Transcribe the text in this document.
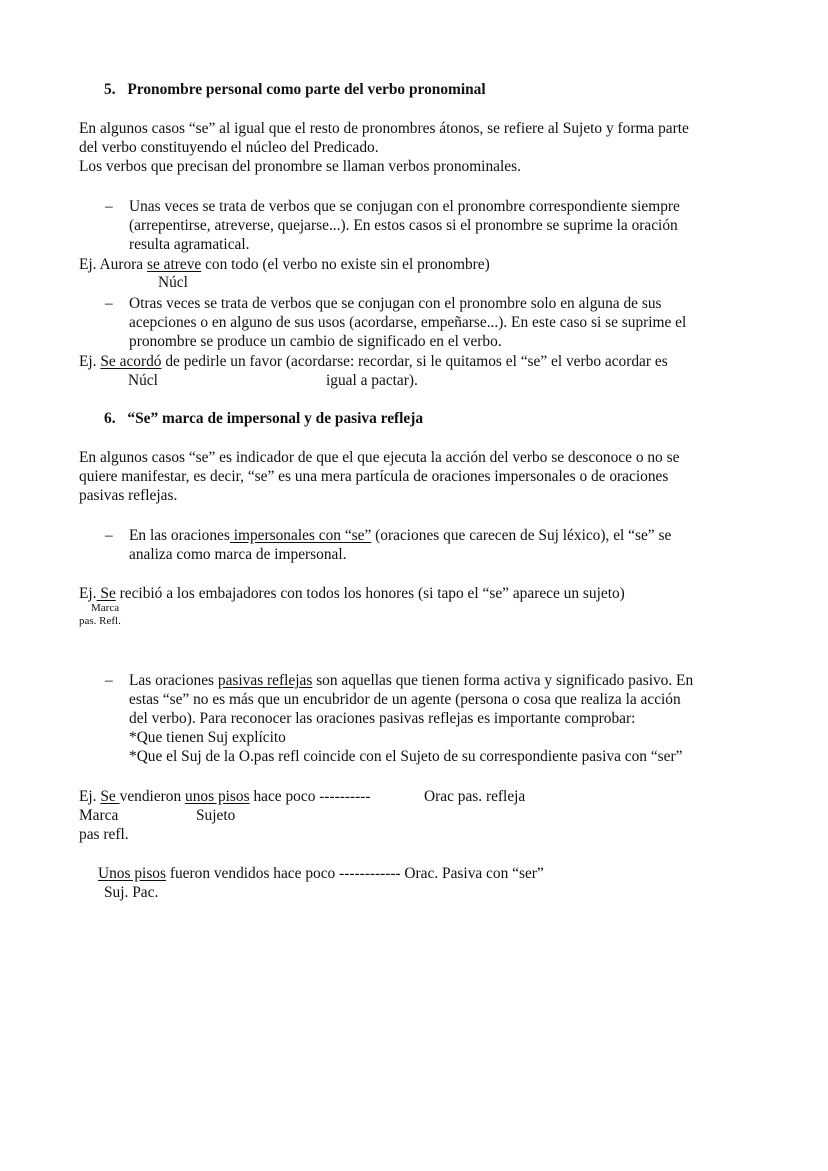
5. Pronombre personal como parte del verbo pronominal
En algunos casos “se” al igual que el resto de pronombres átonos, se refiere al Sujeto y forma parte
del verbo constituyendo el núcleo del Predicado.
Los verbos que precisan del pronombre se llaman verbos pronominales.
– Unas veces se trata de verbos que se conjugan con el pronombre correspondiente siempre
(arrepentirse, atreverse, quejarse...). En estos casos si el pronombre se suprime la oración
resulta agramatical.
Ej. Aurora se atreve con todo (el verbo no existe sin el pronombre)
Núcl
– Otras veces se trata de verbos que se conjugan con el pronombre solo en alguna de sus
acepciones o en alguno de sus usos (acordarse, empeñarse...). En este caso si se suprime el
pronombre se produce un cambio de significado en el verbo.
Ej. Se acordó de pedirle un favor (acordarse: recordar, si le quitamos el “se” el verbo acordar es
Núcl	igual a pactar).
6. “Se” marca de impersonal y de pasiva refleja
En algunos casos “se” es indicador de que el que ejecuta la acción del verbo se desconoce o no se
quiere manifestar, es decir, “se” es una mera partícula de oraciones impersonales o de oraciones
pasivas reflejas.
– En las oraciones impersonales con “se” (oraciones que carecen de Suj léxico), el “se” se
analiza como marca de impersonal.
Ej. Se recibió a los embajadores con todos los honores (si tapo el “se” aparece un sujeto)
Marca
pas. Refl.
– Las oraciones pasivas reflejas son aquellas que tienen forma activa y significado pasivo. En
estas “se” no es más que un encubridor de un agente (persona o cosa que realiza la acción
del verbo). Para reconocer las oraciones pasivas reflejas es importante comprobar:
*Que tienen Suj explícito
*Que el Suj de la O.pas refl coincide con el Sujeto de su correspondiente pasiva con “ser”
Ej. Se vendieron unos pisos hace poco ----------	Orac pas. refleja
Marca	Sujeto
pas refl.
Unos pisos fueron vendidos hace poco ------------ Orac. Pasiva con “ser”
Suj. Pac.
